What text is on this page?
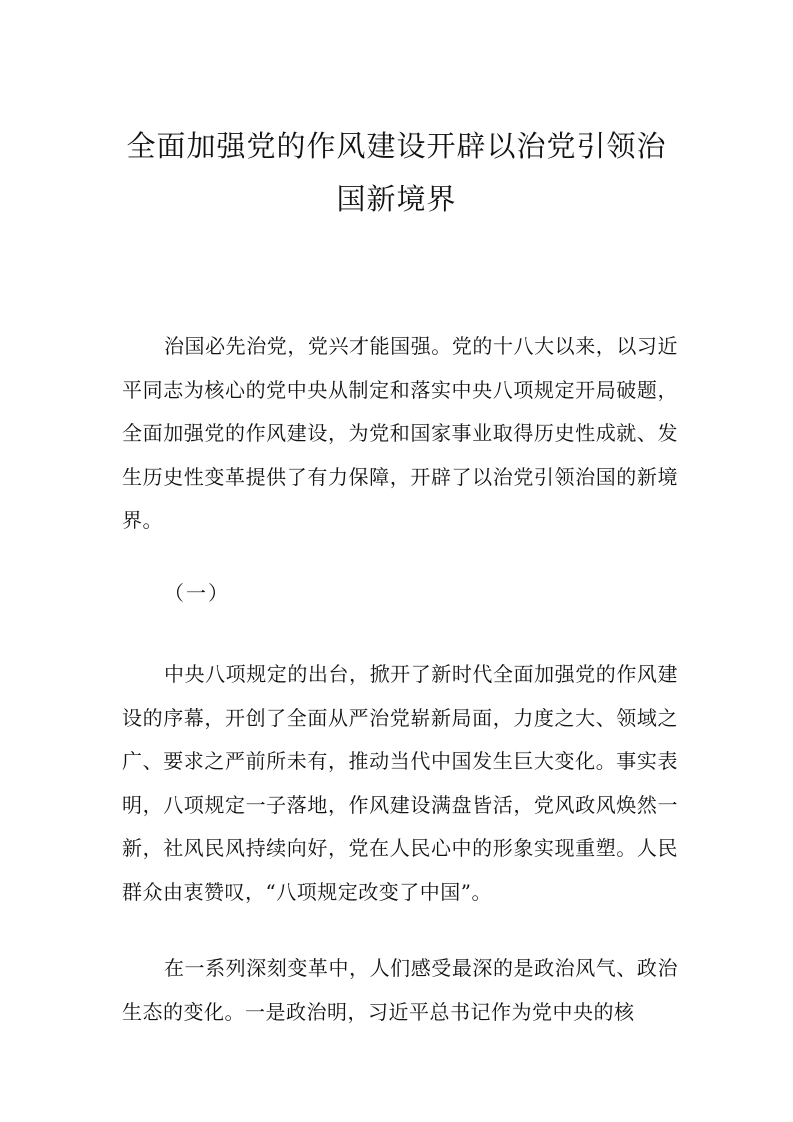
全面加强党的作风建设开辟以治党引领治
国新境界

治国必先治党，党兴才能国强。党的十八大以来，以习近平同志为核心的党中央从制定和落实中央八项规定开局破题，全面加强党的作风建设，为党和国家事业取得历史性成就、发生历史性变革提供了有力保障，开辟了以治党引领治国的新境界。

（一）

中央八项规定的出台，掀开了新时代全面加强党的作风建设的序幕，开创了全面从严治党崭新局面，力度之大、领域之广、要求之严前所未有，推动当代中国发生巨大变化。事实表明，八项规定一子落地，作风建设满盘皆活，党风政风焕然一新，社风民风持续向好，党在人民心中的形象实现重塑。人民群众由衷赞叹，“八项规定改变了中国”。

在一系列深刻变革中，人们感受最深的是政治风气、政治生态的变化。一是政治明，习近平总书记作为党中央的核
